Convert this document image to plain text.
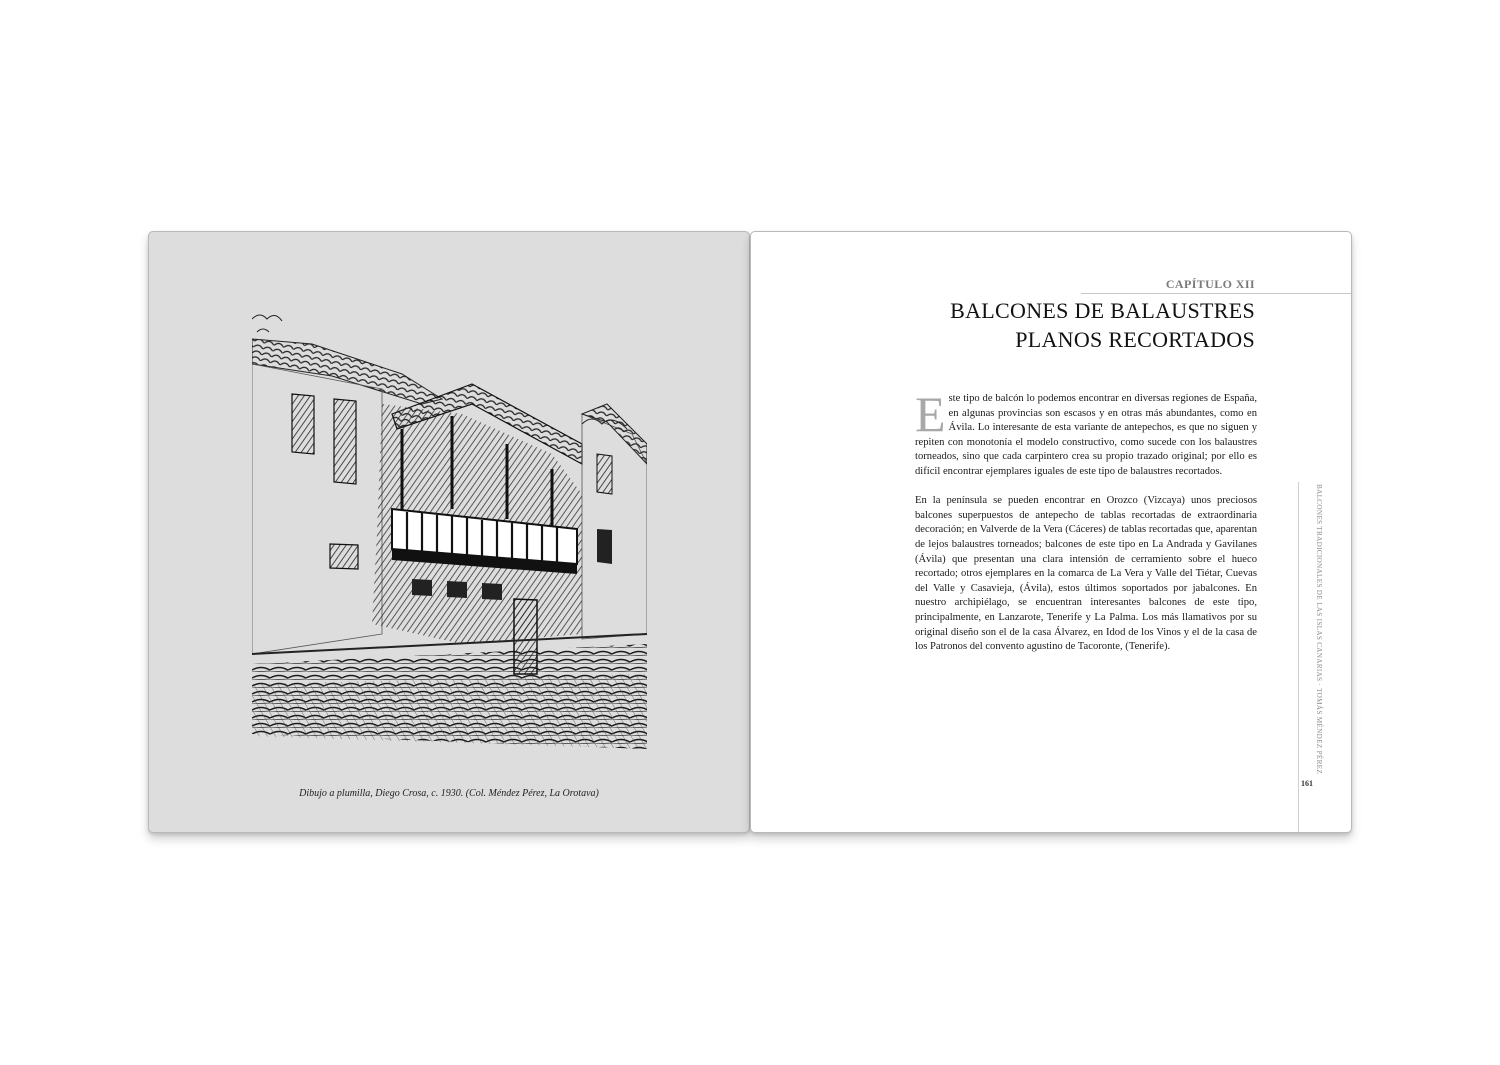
Dibujo a plumilla, Diego Crosa, c. 1930. (Col. Méndez Pérez, La Orotava)
CAPÍTULO XII
BALCONES DE BALAUSTRES
PLANOS RECORTADOS

Este tipo de balcón lo podemos encontrar en diversas regiones de España, en algunas provincias son escasos y en otras más abundantes, como en Ávila. Lo interesante de esta variante de antepechos, es que no siguen y repiten con monotonía el modelo constructivo, como sucede con los balaustres torneados, sino que cada carpintero crea su propio trazado original; por ello es difícil encontrar ejemplares iguales de este tipo de balaustres recortados.

En la península se pueden encontrar en Orozco (Vizcaya) unos preciosos balcones superpuestos de antepecho de tablas recortadas de extraordinaria decoración; en Valverde de la Vera (Cáceres) de tablas recortadas que, aparentan de lejos balaustres torneados; balcones de este tipo en La Andrada y Gavilanes (Ávila) que presentan una clara intensión de cerramiento sobre el hueco recortado; otros ejemplares en la comarca de La Vera y Valle del Tiétar, Cuevas del Valle y Casavieja, (Ávila), estos últimos soportados por jabalcones. En nuestro archipiélago, se encuentran interesantes balcones de este tipo, principalmente, en Lanzarote, Tenerife y La Palma. Los más llamativos por su original diseño son el de la casa Álvarez, en Idod de los Vinos y el de la casa de los Patronos del convento agustino de Tacoronte, (Tenerife).	BALCONES TRADICIONALES DE LAS ISLAS CANARIAS · TOMÁS MÉNDEZ PÉREZ
161
